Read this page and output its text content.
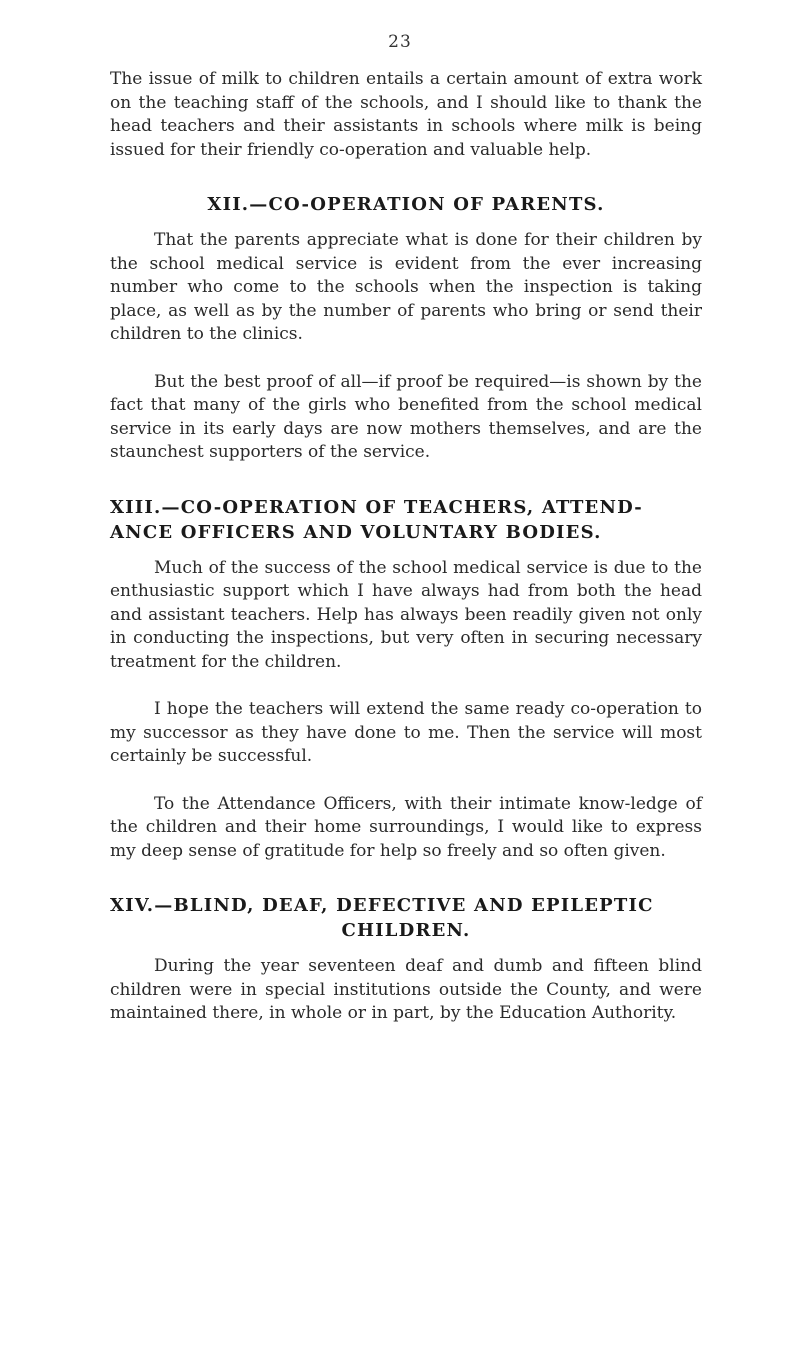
23

The issue of milk to children entails a certain amount of extra work on the teaching staff of the schools, and I should like to thank the head teachers and their assistants in schools where milk is being issued for their friendly co-operation and valuable help.

XII.—CO-OPERATION OF PARENTS.

That the parents appreciate what is done for their children by the school medical service is evident from the ever increasing number who come to the schools when the inspection is taking place, as well as by the number of parents who bring or send their children to the clinics.

But the best proof of all—if proof be required—is shown by the fact that many of the girls who benefited from the school medical service in its early days are now mothers themselves, and are the staunchest supporters of the service.

XIII.—CO-OPERATION OF TEACHERS, ATTEND-
ANCE OFFICERS AND VOLUNTARY BODIES.

Much of the success of the school medical service is due to the enthusiastic support which I have always had from both the head and assistant teachers. Help has always been readily given not only in conducting the inspections, but very often in securing necessary treatment for the children.

I hope the teachers will extend the same ready co-operation to my successor as they have done to me. Then the service will most certainly be successful.

To the Attendance Officers, with their intimate know-ledge of the children and their home surroundings, I would like to express my deep sense of gratitude for help so freely and so often given.

XIV.—BLIND, DEAF, DEFECTIVE AND EPILEPTIC
CHILDREN.

During the year seventeen deaf and dumb and fifteen blind children were in special institutions outside the County, and were maintained there, in whole or in part, by the Education Authority.
